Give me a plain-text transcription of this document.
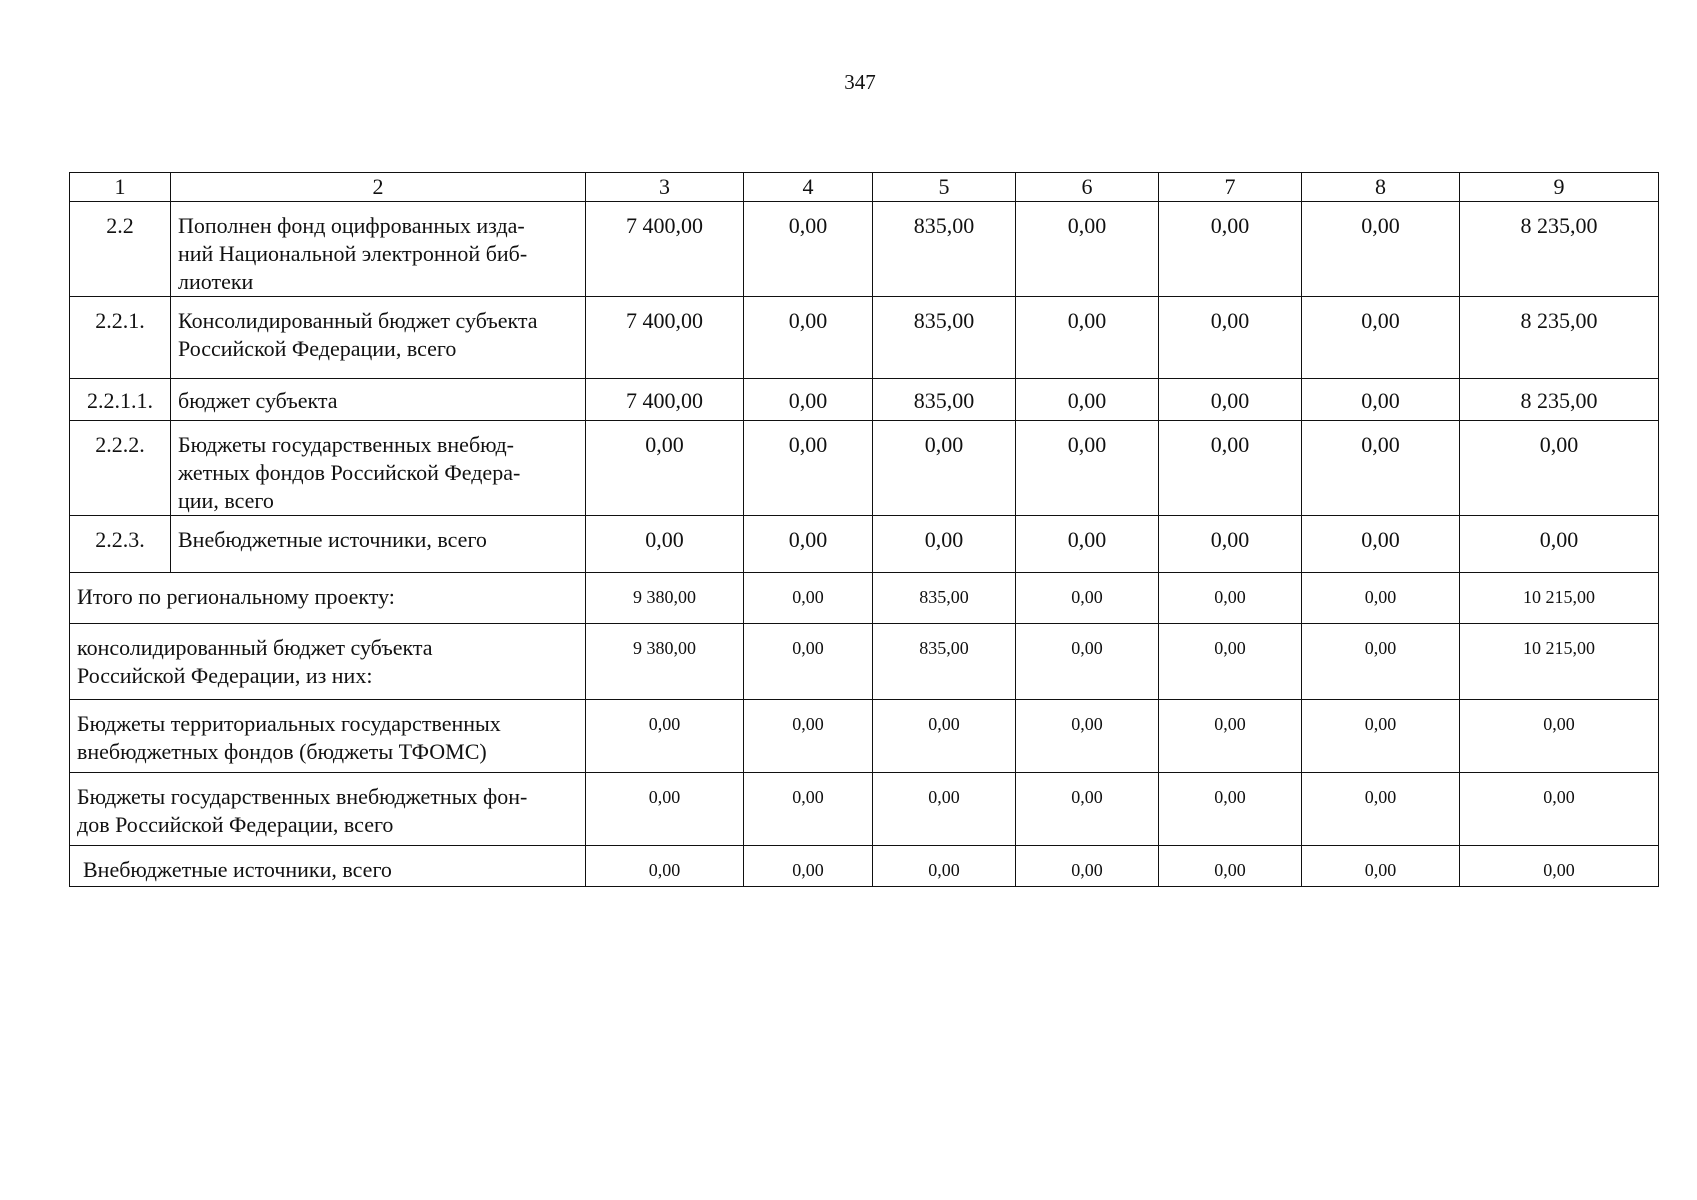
347
1	2	3	4	5	6	7	8	9
2.2	Пополнен фонд оцифрованных изда-
ний Национальной электронной биб-
лиотеки	7 400,00	0,00	835,00	0,00	0,00	0,00	8 235,00
2.2.1.	Консолидированный бюджет субъекта
Российской Федерации, всего	7 400,00	0,00	835,00	0,00	0,00	0,00	8 235,00
2.2.1.1.	бюджет субъекта	7 400,00	0,00	835,00	0,00	0,00	0,00	8 235,00
2.2.2.	Бюджеты государственных внебюд-
жетных фондов Российской Федера-
ции, всего	0,00	0,00	0,00	0,00	0,00	0,00	0,00
2.2.3.	Внебюджетные источники, всего	0,00	0,00	0,00	0,00	0,00	0,00	0,00

Итого по региональному проекту:		9 380,00	0,00	835,00	0,00	0,00	0,00	10 215,00

консолидированный бюджет субъекта
Российской Федерации, из них:		9 380,00	0,00	835,00	0,00	0,00	0,00	10 215,00

Бюджеты территориальных государственных
внебюджетных фондов (бюджеты ТФОМС)		0,00	0,00	0,00	0,00	0,00	0,00	0,00

Бюджеты государственных внебюджетных фон-
дов Российской Федерации, всего		0,00	0,00	0,00	0,00	0,00	0,00	0,00

Внебюджетные источники, всего		0,00	0,00	0,00	0,00	0,00	0,00	0,00
